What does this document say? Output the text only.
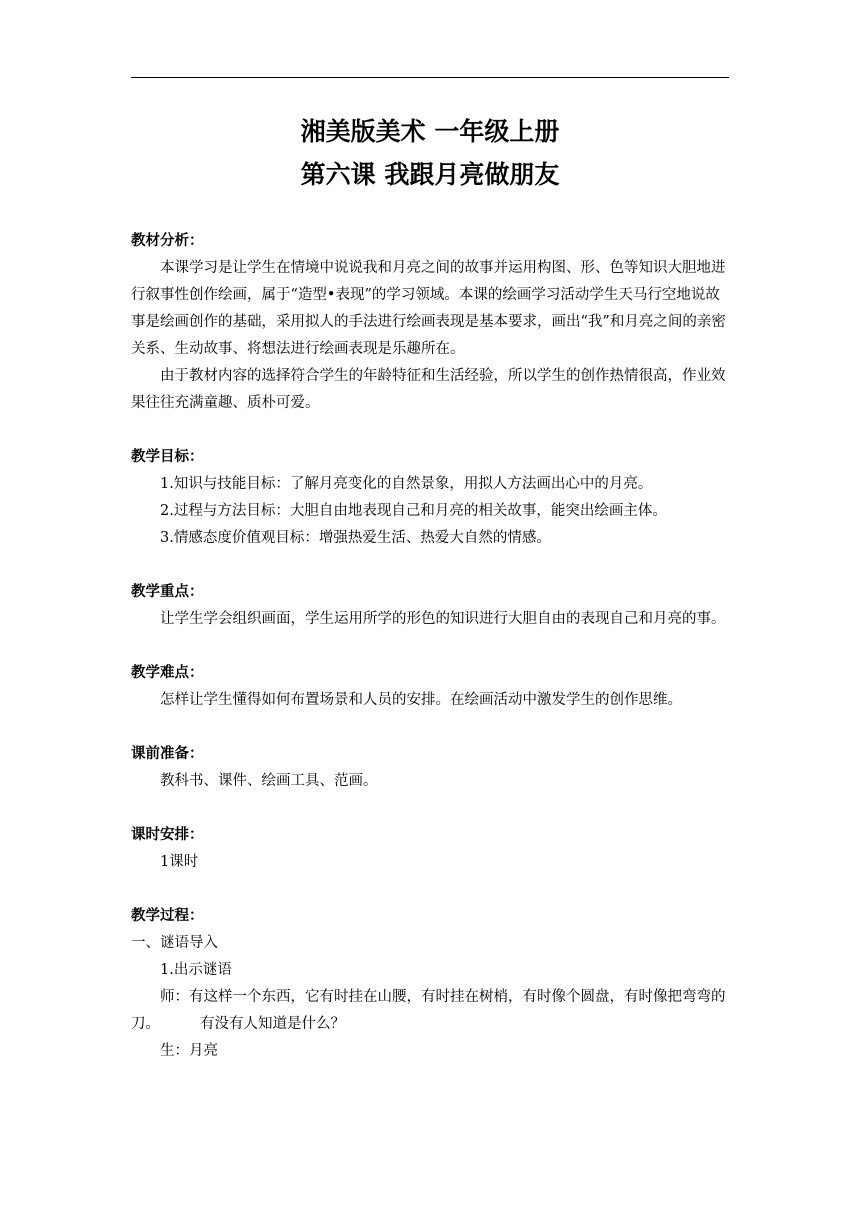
湘美版美术 一年级上册
第六课 我跟月亮做朋友

教材分析：

本课学习是让学生在情境中说说我和月亮之间的故事并运用构图、形、色等知识大胆地进行叙事性创作绘画，属于“造型•表现”的学习领域。本课的绘画学习活动学生天马行空地说故事是绘画创作的基础，采用拟人的手法进行绘画表现是基本要求，画出“我”和月亮之间的亲密关系、生动故事、将想法进行绘画表现是乐趣所在。

由于教材内容的选择符合学生的年龄特征和生活经验，所以学生的创作热情很高，作业效果往往充满童趣、质朴可爱。

教学目标：

1.知识与技能目标：了解月亮变化的自然景象，用拟人方法画出心中的月亮。

2.过程与方法目标：大胆自由地表现自己和月亮的相关故事，能突出绘画主体。

3.情感态度价值观目标：增强热爱生活、热爱大自然的情感。

教学重点：

让学生学会组织画面，学生运用所学的形色的知识进行大胆自由的表现自己和月亮的事。

教学难点：

怎样让学生懂得如何布置场景和人员的安排。在绘画活动中激发学生的创作思维。

课前准备：

教科书、课件、绘画工具、范画。

课时安排：

1课时

教学过程：

一、谜语导入

1.出示谜语

师：有这样一个东西，它有时挂在山腰，有时挂在树梢，有时像个圆盘，有时像把弯弯的刀。	有没有人知道是什么？

生：月亮
